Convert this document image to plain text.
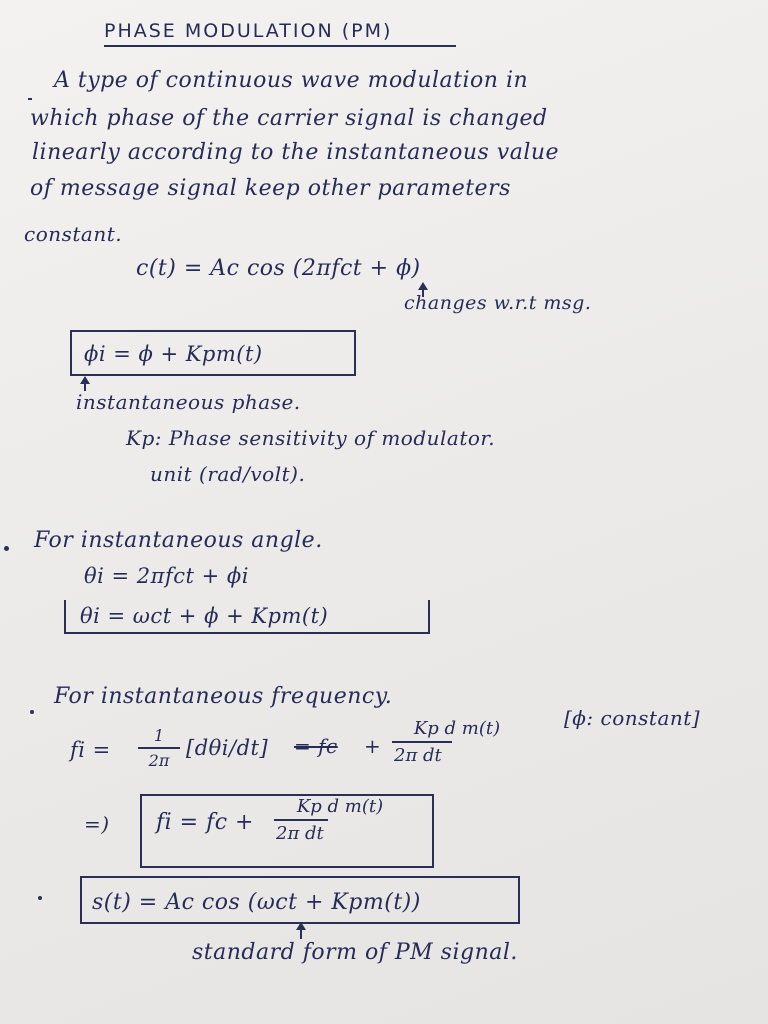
PHASE MODULATION (PM)
A type of continuous wave modulation in
which phase of the carrier signal is changed
linearly according to the instantaneous value
of message signal keep other parameters
constant.
c(t) = Ac cos (2πfct + ϕ)
changes w.r.t msg.
ϕi = ϕ + Kpm(t)
instantaneous phase.
Kp: Phase sensitivity of modulator.
unit (rad/volt).
For instantaneous angle.
θi = 2πfct + ϕi
θi = ωct + ϕ + Kpm(t)
For instantaneous frequency.
fi =
1
2π [dθi/dt] = fc +
Kp d m(t)
2π dt
[ϕ: constant]
=) fi = fc +
Kp d m(t)
2π dt
s(t) = Ac cos (ωct + Kpm(t))
standard form of PM signal.
